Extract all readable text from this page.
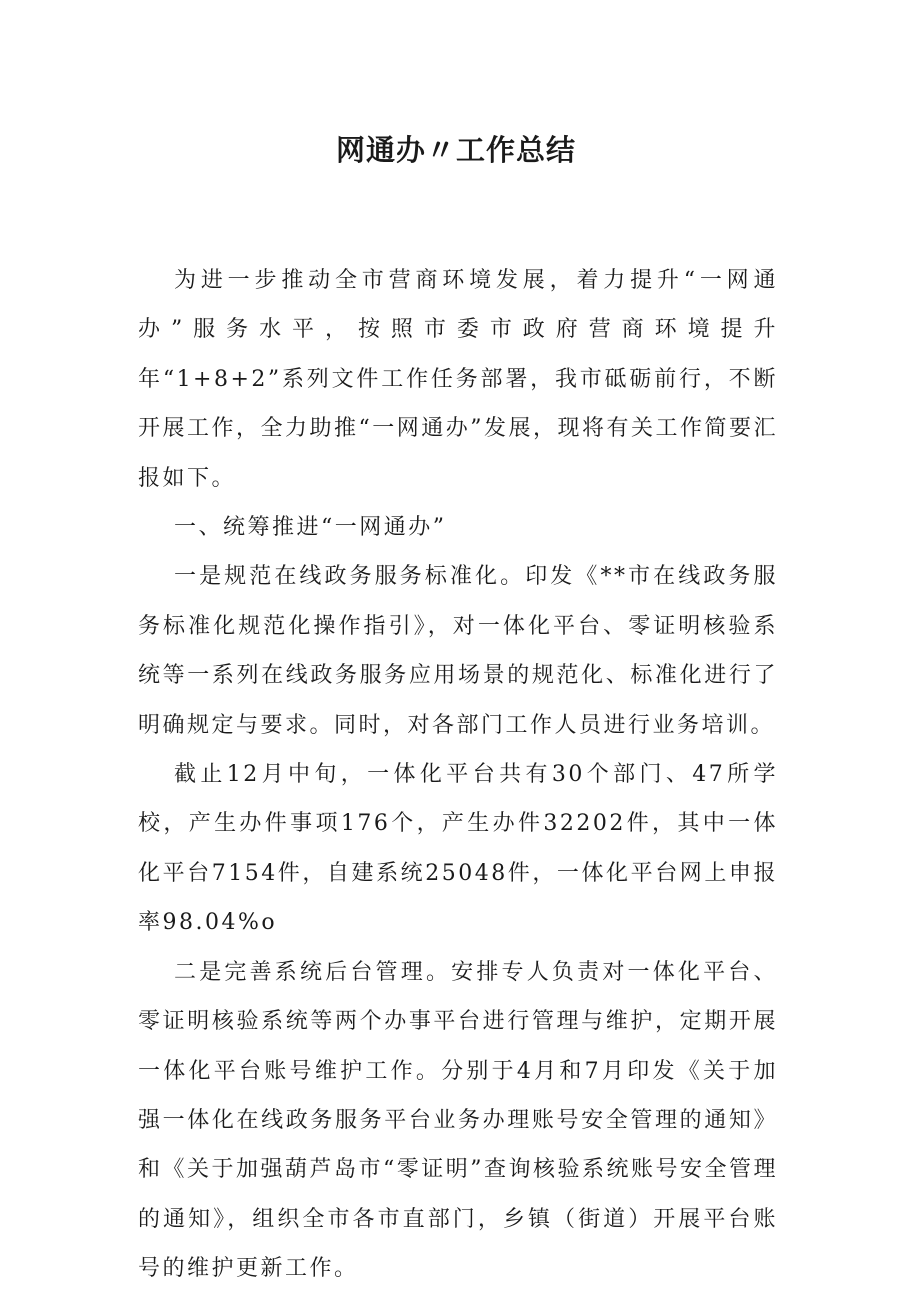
网通办〃工作总结

为进一步推动全市营商环境发展，着力提升“一网通办”服务水平，按照市委市政府营商环境提升年“1+8+2”系列文件工作任务部署，我市砥砺前行，不断开展工作，全力助推“一网通办”发展，现将有关工作简要汇报如下。

一、统筹推进“一网通办”

一是规范在线政务服务标准化。印发《**市在线政务服务标准化规范化操作指引》，对一体化平台、零证明核验系统等一系列在线政务服务应用场景的规范化、标准化进行了明确规定与要求。同时，对各部门工作人员进行业务培训。

截止12月中旬，一体化平台共有30个部门、47所学校，产生办件事项176个，产生办件32202件，其中一体化平台7154件，自建系统25048件，一体化平台网上申报率98.04%o

二是完善系统后台管理。安排专人负责对一体化平台、零证明核验系统等两个办事平台进行管理与维护，定期开展一体化平台账号维护工作。分别于4月和7月印发《关于加强一体化在线政务服务平台业务办理账号安全管理的通知》和《关于加强葫芦岛市“零证明”查询核验系统账号安全管理的通知》，组织全市各市直部门，乡镇（街道）开展平台账号的维护更新工作。
